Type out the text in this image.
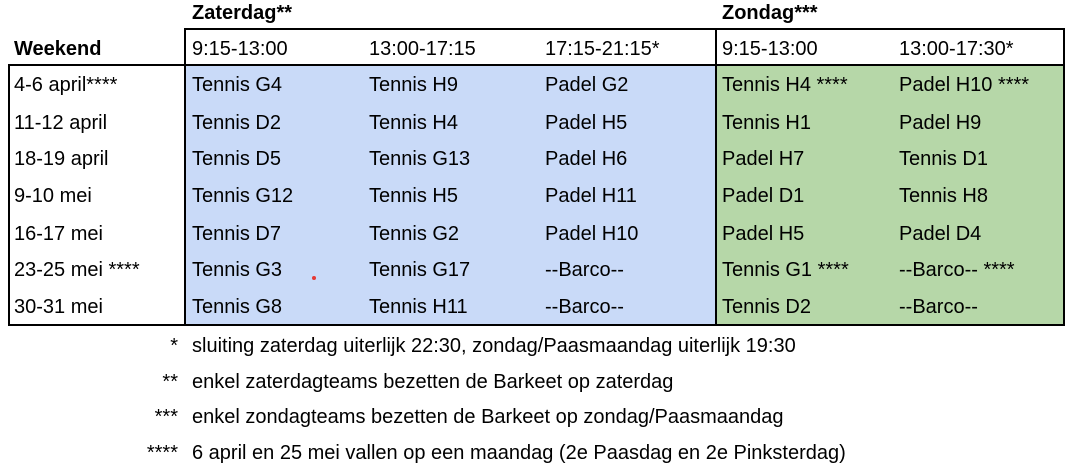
Zaterdag**	Zondag***
Weekend	9:15-13:00	13:00-17:15	17:15-21:15*	9:15-13:00	13:00-17:30*
4-6 april****	Tennis G4	Tennis H9	Padel G2	Tennis H4 ****	Padel H10 ****
11-12 april	Tennis D2	Tennis H4	Padel H5	Tennis H1	Padel H9
18-19 april	Tennis D5	Tennis G13	Padel H6	Padel H7	Tennis D1
9-10 mei	Tennis G12	Tennis H5	Padel H11	Padel D1	Tennis H8
16-17 mei	Tennis D7	Tennis G2	Padel H10	Padel H5	Padel D4
23-25 mei ****	Tennis G3	Tennis G17	--Barco--	Tennis G1 ****	--Barco-- ****
30-31 mei	Tennis G8	Tennis H11	--Barco--	Tennis D2	--Barco--
* sluiting zaterdag uiterlijk 22:30, zondag/Paasmaandag uiterlijk 19:30
** enkel zaterdagteams bezetten de Barkeet op zaterdag
*** enkel zondagteams bezetten de Barkeet op zondag/Paasmaandag
**** 6 april en 25 mei vallen op een maandag (2e Paasdag en 2e Pinksterdag)
